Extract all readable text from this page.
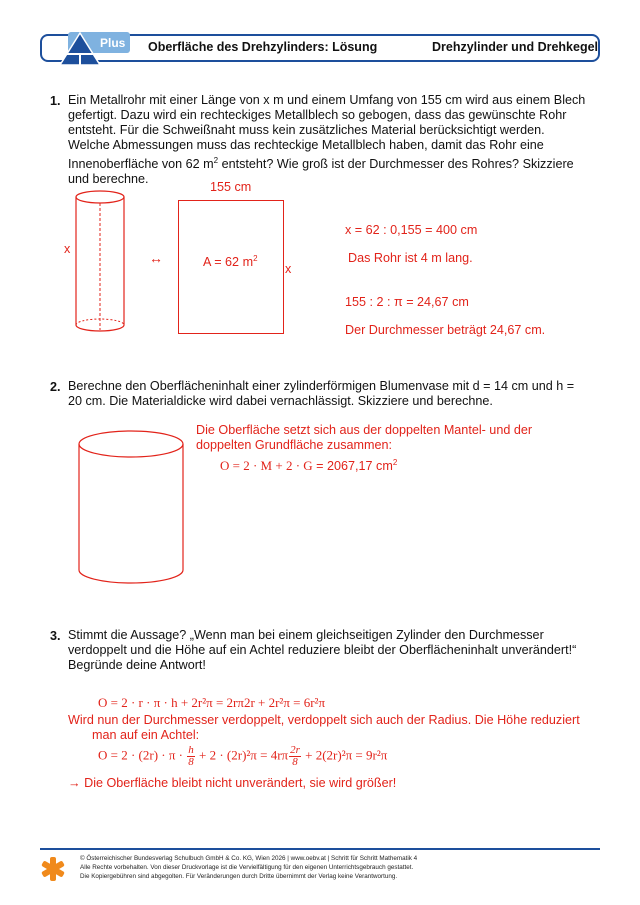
Plus Oberfläche des Drehzylinders: Lösung	Drehzylinder und Drehkegel
1. Ein Metallrohr mit einer Länge von x m und einem Umfang von 155 cm wird aus einem Blech
gefertigt. Dazu wird ein rechteckiges Metallblech so gebogen, dass das gewünschte Rohr
entsteht. Für die Schweißnaht muss kein zusätzliches Material berücksichtigt werden.
Welche Abmessungen muss das rechteckige Metallblech haben, damit das Rohr eine
Innenoberfläche von 62 $m^2$ entsteht? Wie groß ist der Durchmesser des Rohres? Skizziere
und berechne.
x
↔
155 cm
A = 62 $m^2$
x
x = 62 : 0,155 = 400 cm
Das Rohr ist 4 m lang.
155 : 2 : π = 24,67 cm
Der Durchmesser beträgt 24,67 cm.
2. Berechne den Oberflächeninhalt einer zylinderförmigen Blumenvase mit d = 14 cm und h =
20 cm. Die Materialdicke wird dabei vernachlässigt. Skizziere und berechne.
Die Oberfläche setzt sich aus der doppelten Mantel- und der
doppelten Grundfläche zusammen:
O = 2 · M + 2 · G = 2067,17 $cm^2$
3. Stimmt die Aussage? „Wenn man bei einem gleichseitigen Zylinder den Durchmesser
verdoppelt und die Höhe auf ein Achtel reduziere bleibt der Oberflächeninhalt unverändert!“
Begründe deine Antwort!
O = 2 · r · π · h + 2r²π = 2rπ2r + 2r²π = 6r²π
Wird nun der Durchmesser verdoppelt, verdoppelt sich auch der Radius. Die Höhe reduziert
man auf ein Achtel:
$O = 2 \cdot (2r) \cdot \pi \cdot \frac{h}{8} + 2 \cdot (2r)^2\pi = 4r\pi \frac{2r}{8} + 2(2r)^2\pi = 9r^2\pi$
→ Die Oberfläche bleibt nicht unverändert, sie wird größer!
© Österreichischer Bundesverlag Schulbuch GmbH & Co. KG, Wien 2026 | www.oebv.at | Schritt für Schritt Mathematik 4
Alle Rechte vorbehalten. Von dieser Druckvorlage ist die Vervielfältigung für den eigenen Unterrichtsgebrauch gestattet.
Die Kopiergebühren sind abgegolten. Für Veränderungen durch Dritte übernimmt der Verlag keine Verantwortung.
